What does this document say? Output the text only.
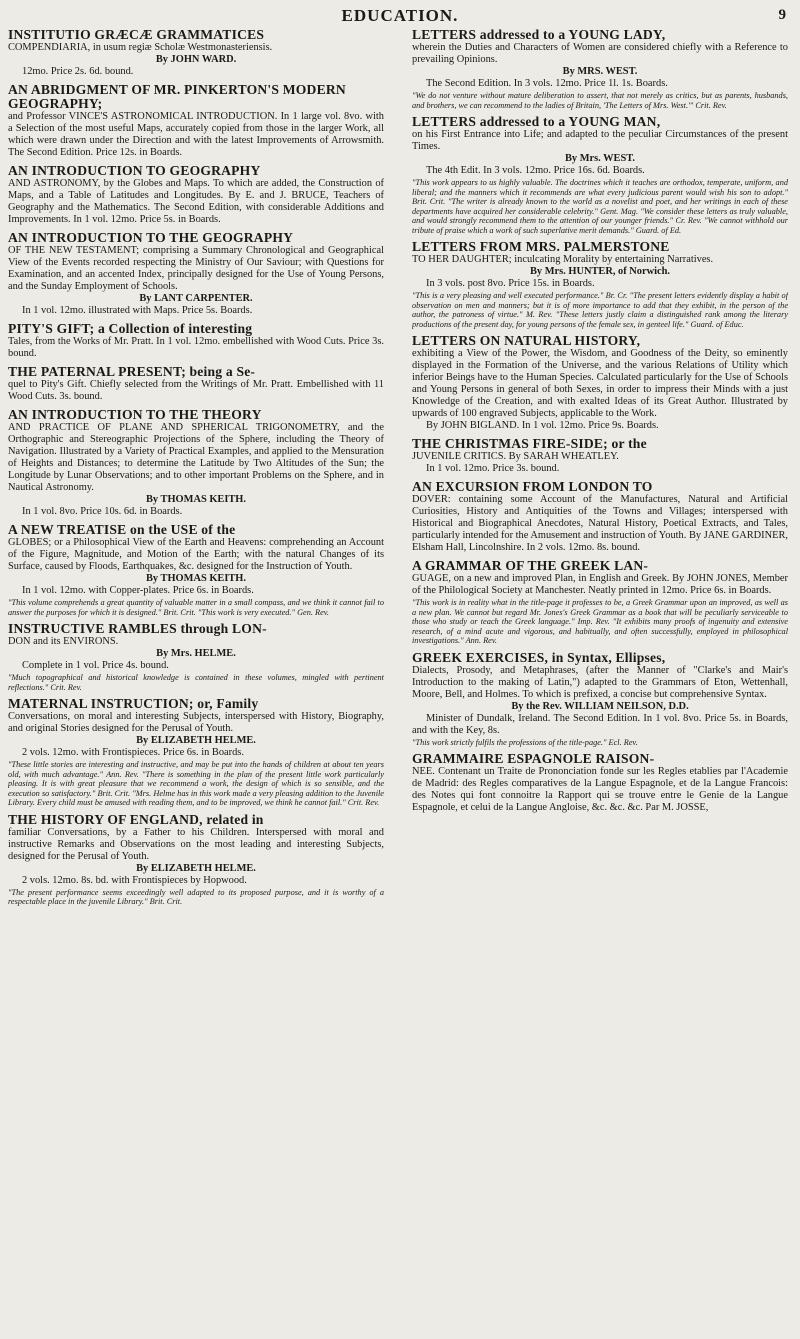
EDUCATION.	9

INSTITUTIO GRÆCÆ GRAMMATICES

COMPENDIARIA, in usum regiæ Scholæ Westmonasteriensis.

By JOHN WARD.

12mo. Price 2s. 6d. bound.

AN ABRIDGMENT OF MR. PINKERTON'S MODERN GEOGRAPHY;

and Professor VINCE'S ASTRONOMICAL INTRODUCTION. In 1 large vol. 8vo. with a Selection of the most useful Maps, accurately copied from those in the larger Work, all which were drawn under the Direction and with the latest Improvements of Arrowsmith. The Second Edition. Price 12s. in Boards.

AN INTRODUCTION TO GEOGRAPHY

AND ASTRONOMY, by the Globes and Maps. To which are added, the Construction of Maps, and a Table of Latitudes and Longitudes. By E. and J. BRUCE, Teachers of Geography and the Mathematics. The Second Edition, with considerable Additions and Improvements. In 1 vol. 12mo. Price 5s. in Boards.

AN INTRODUCTION TO THE GEOGRAPHY

OF THE NEW TESTAMENT; comprising a Summary Chronological and Geographical View of the Events recorded respecting the Ministry of Our Saviour; with Questions for Examination, and an accented Index, principally designed for the Use of Young Persons, and the Sunday Employment of Schools.

By LANT CARPENTER.

In 1 vol. 12mo. illustrated with Maps. Price 5s. Boards.

PITY'S GIFT; a Collection of interesting

Tales, from the Works of Mr. Pratt. In 1 vol. 12mo. embellished with Wood Cuts. Price 3s. bound.

THE PATERNAL PRESENT; being a Se-

quel to Pity's Gift. Chiefly selected from the Writings of Mr. Pratt. Embellished with 11 Wood Cuts. 3s. bound.

AN INTRODUCTION TO THE THEORY

AND PRACTICE OF PLANE AND SPHERICAL TRIGONOMETRY, and the Orthographic and Stereographic Projections of the Sphere, including the Theory of Navigation. Illustrated by a Variety of Practical Examples, and applied to the Mensuration of Heights and Distances; to determine the Latitude by Two Altitudes of the Sun; the Longitude by Lunar Observations; and to other important Problems on the Sphere, and in Nautical Astronomy.

By THOMAS KEITH.

In 1 vol. 8vo. Price 10s. 6d. in Boards.

A NEW TREATISE on the USE of the

GLOBES; or a Philosophical View of the Earth and Heavens: comprehending an Account of the Figure, Magnitude, and Motion of the Earth; with the natural Changes of its Surface, caused by Floods, Earthquakes, &c. designed for the Instruction of Youth.

By THOMAS KEITH.

In 1 vol. 12mo. with Copper-plates. Price 6s. in Boards.

"This volume comprehends a great quantity of valuable matter in a small compass, and we think it cannot fail to answer the purposes for which it is designed." Brit. Crit. "This work is very executed." Gen. Rev.

INSTRUCTIVE RAMBLES through LON-

DON and its ENVIRONS.

By Mrs. HELME.

Complete in 1 vol. Price 4s. bound.

"Much topographical and historical knowledge is contained in these volumes, mingled with pertinent reflections." Crit. Rev.

MATERNAL INSTRUCTION; or, Family

Conversations, on moral and interesting Subjects, interspersed with History, Biography, and original Stories designed for the Perusal of Youth.

By ELIZABETH HELME.

2 vols. 12mo. with Frontispieces. Price 6s. in Boards.

"These little stories are interesting and instructive, and may be put into the hands of children at about ten years old, with much advantage." Ann. Rev. "There is something in the plan of the present little work particularly pleasing. It is with great pleasure that we recommend a work, the design of which is so sensible, and the execution so satisfactory." Brit. Crit. "Mrs. Helme has in this work made a very pleasing addition to the Juvenile Library. Every child must be amused with reading them, and to be improved, we think he cannot fail." Crit. Rev.

THE HISTORY OF ENGLAND, related in

familiar Conversations, by a Father to his Children. Interspersed with moral and instructive Remarks and Observations on the most leading and interesting Subjects, designed for the Perusal of Youth.

By ELIZABETH HELME.

2 vols. 12mo. 8s. bd. with Frontispieces by Hopwood.

"The present performance seems exceedingly well adapted to its proposed purpose, and it is worthy of a respectable place in the juvenile Library." Brit. Crit.

LETTERS addressed to a YOUNG LADY,

wherein the Duties and Characters of Women are considered chiefly with a Reference to prevailing Opinions.

By MRS. WEST.

The Second Edition. In 3 vols. 12mo. Price 1l. 1s. Boards.

"We do not venture without mature deliberation to assert, that not merely as critics, but as parents, husbands, and brothers, we can recommend to the ladies of Britain, 'The Letters of Mrs. West.'" Crit. Rev.

LETTERS addressed to a YOUNG MAN,

on his First Entrance into Life; and adapted to the peculiar Circumstances of the present Times.

By Mrs. WEST.

The 4th Edit. In 3 vols. 12mo. Price 16s. 6d. Boards.

"This work appears to us highly valuable. The doctrines which it teaches are orthodox, temperate, uniform, and liberal; and the manners which it recommends are what every judicious parent would wish his son to adopt." Brit. Crit. "The writer is already known to the world as a novelist and poet, and her writings in each of these departments have acquired her considerable celebrity." Gent. Mag. "We consider these letters as truly valuable, and would strongly recommend them to the attention of our younger friends." Cr. Rev. "We cannot withhold our tribute of praise which a work of such superlative merit demands." Guard. of Ed.

LETTERS FROM MRS. PALMERSTONE

TO HER DAUGHTER; inculcating Morality by entertaining Narratives.

By Mrs. HUNTER, of Norwich.

In 3 vols. post 8vo. Price 15s. in Boards.

"This is a very pleasing and well executed performance." Br. Cr. "The present letters evidently display a habit of observation on men and manners; but it is of more importance to add that they exhibit, in the person of the author, the patroness of virtue." M. Rev. "These letters justly claim a distinguished rank among the literary productions of the present day, for young persons of the female sex, in genteel life." Guard. of Educ.

LETTERS ON NATURAL HISTORY,

exhibiting a View of the Power, the Wisdom, and Goodness of the Deity, so eminently displayed in the Formation of the Universe, and the various Relations of Utility which inferior Beings have to the Human Species. Calculated particularly for the Use of Schools and Young Persons in general of both Sexes, in order to impress their Minds with a just Knowledge of the Creation, and with exalted Ideas of its Great Author. Illustrated by upwards of 100 engraved Subjects, applicable to the Work.

By JOHN BIGLAND. In 1 vol. 12mo. Price 9s. Boards.

THE CHRISTMAS FIRE-SIDE; or the

JUVENILE CRITICS. By SARAH WHEATLEY.

In 1 vol. 12mo. Price 3s. bound.

AN EXCURSION FROM LONDON TO

DOVER: containing some Account of the Manufactures, Natural and Artificial Curiosities, History and Antiquities of the Towns and Villages; interspersed with Historical and Biographical Anecdotes, Natural History, Poetical Extracts, and Tales, particularly intended for the Amusement and instruction of Youth. By JANE GARDINER, Elsham Hall, Lincolnshire. In 2 vols. 12mo. 8s. bound.

A GRAMMAR OF THE GREEK LAN-

GUAGE, on a new and improved Plan, in English and Greek. By JOHN JONES, Member of the Philological Society at Manchester. Neatly printed in 12mo. Price 6s. in Boards.

"This work is in reality what in the title-page it professes to be, a Greek Grammar upon an improved, as well as a new plan. We cannot but regard Mr. Jones's Greek Grammar as a book that will be peculiarly serviceable to those who study or teach the Greek language." Imp. Rev. "It exhibits many proofs of ingenuity and extensive research, of a mind acute and vigorous, and habitually, and often successfully, employed in philosophical investigations." Ann. Rev.

GREEK EXERCISES, in Syntax, Ellipses,

Dialects, Prosody, and Metaphrases, (after the Manner of "Clarke's and Mair's Introduction to the making of Latin,") adapted to the Grammars of Eton, Wettenhall, Moore, Bell, and Holmes. To which is prefixed, a concise but comprehensive Syntax.

By the Rev. WILLIAM NEILSON, D.D.

Minister of Dundalk, Ireland. The Second Edition. In 1 vol. 8vo. Price 5s. in Boards, and with the Key, 8s.

"This work strictly fulfils the professions of the title-page." Ecl. Rev.

GRAMMAIRE ESPAGNOLE RAISON-

NEE. Contenant un Traite de Prononciation fonde sur les Regles etablies par l'Academie de Madrid: des Regles comparatives de la Langue Espagnole, et de la Langue Francois: des Notes qui font connoitre la Rapport qui se trouve entre le Genie de la Langue Espagnole, et celui de la Langue Angloise, &c. &c. &c. Par M. JOSSE,
